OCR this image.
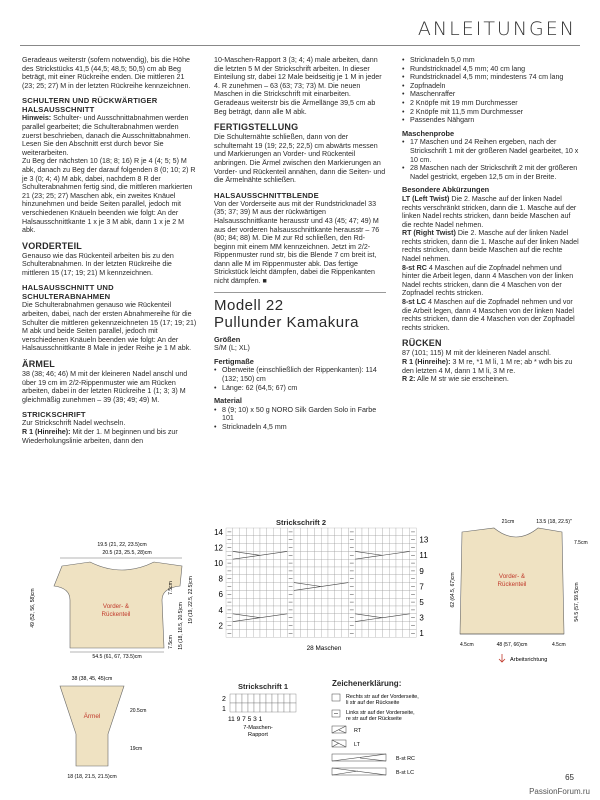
ANLEITUNGEN

Geradeaus weiterstr (sofern notwendig), bis die Höhe des Strickstücks 41,5 (44,5; 48,5; 50,5) cm ab Beg beträgt, mit einer Rückreihe enden. Die mittleren 21 (23; 25; 27) M in der letzten Rückreihe kennzeichnen.

SCHULTERN UND RÜCKWÄRTIGER HALSAUSSCHNITT

Hinweis: Schulter- und Ausschnittabnahmen werden parallel gearbeitet; die Schulterabnahmen werden zuerst beschrieben, danach die Ausschnittabnahmen. Lesen Sie den Abschnitt erst durch bevor Sie weiterarbeiten.

Zu Beg der nächsten 10 (18; 8; 16) R je 4 (4; 5; 5) M abk, danach zu Beg der darauf folgenden 8 (0; 10; 2) R je 3 (0; 4; 4) M abk, dabei, nachdem 8 R der Schulterabnahmen fertig sind, die mittleren markierten 21 (23; 25; 27) Maschen abk, ein zweites Knäuel hinzunehmen und beide Seiten parallel, jedoch mit verschiedenen Knäueln beenden wie folgt: An der Halsausschnittkante 1 x je 3 M abk, dann 1 x je 2 M abk.

VORDERTEIL

Genauso wie das Rückenteil arbeiten bis zu den Schulterabnahmen. In der letzten Rückreihe die mittleren 15 (17; 19; 21) M kennzeichnen.

HALSAUSSCHNITT UND SCHULTERABNAHMEN

Die Schulterabnahmen genauso wie Rückenteil arbeiten, dabei, nach der ersten Abnahmereihe für die Schulter die mittleren gekennzeichneten 15 (17; 19; 21) M abk und beide Seiten parallel, jedoch mit verschiedenen Knäueln beenden wie folgt: An der Halsausschnittkante 8 Male in jeder Reihe je 1 M abk.

ÄRMEL

38 (38; 46; 46) M mit der kleineren Nadel anschl und über 19 cm im 2/2-Rippenmuster wie am Rücken arbeiten, dabei in der letzten Rückreihe 1 (1; 3; 3) M gleichmäßig zunehmen – 39 (39; 49; 49) M.

STRICKSCHRIFT

Zur Strickschrift Nadel wechseln.

R 1 (Hinreihe): Mit der 1. M beginnen und bis zur Wiederholungslinie arbeiten, dann den

10-Maschen-Rapport 3 (3; 4; 4) male arbeiten, dann die letzten 5 M der Strickschrift arbeiten. In dieser Einteilung str, dabei 12 Male beidseitig je 1 M in jeder 4. R zunehmen – 63 (63; 73; 73) M. Die neuen Maschen in die Strickschrift mit einarbeiten.

Geradeaus weiterstr bis die Ärmellänge 39,5 cm ab Beg beträgt, dann alle M abk.

FERTIGSTELLUNG

Die Schulternähte schließen, dann von der schulternaht 19 (19; 22,5; 22,5) cm abwärts messen und Markierungen an Vorder- und Rückenteil anbringen. Die Ärmel zwischen den Markierungen an Vorder- und Rückenteil annähen, dann die Seiten- und die Ärmelnähte schließen.

HALSAUSSCHNITTBLENDE

Von der Vorderseite aus mit der Rundstricknadel 33 (35; 37; 39) M aus der rückwärtigen Halsausschnittkante herausstr und 43 (45; 47; 49) M aus der vorderen halsausschnittkante herausstr – 76 (80; 84; 88) M. Die M zur Rd schließen, den Rd-beginn mit einem MM kennzeichnen. Jetzt im 2/2-Rippenmuster rund str, bis die Blende 7 cm breit ist, dann alle M im Rippenmuster abk. Das fertige Strickstück leicht dämpfen, dabei die Rippenkanten nicht dämpfen. ■

Modell 22
Pullunder Kamakura
Größen

S/M (L; XL)

Fertigmaße
• Oberweite (einschließlich der Rippenkanten): 114 (132; 150) cm
• Länge: 62 (64,5; 67) cm
Material
• 8 (9; 10) x 50 g NORO Silk Garden Solo in Farbe 101
• Stricknadeln 4,5 mm
• Stricknadeln 5,0 mm
• Rundstricknadel 4,5 mm; 40 cm lang
• Rundstricknadel 4,5 mm; mindestens 74 cm lang
• Zopfnadeln
• Maschenraffer
• 2 Knöpfe mit 19 mm Durchmesser
• 2 Knöpfe mit 11,5 mm Durchmesser
• Passendes Nähgarn
Maschenprobe
• 17 Maschen und 24 Reihen ergeben, nach der Strickschrift 1 mit der größeren Nadel gearbeitet, 10 x 10 cm.
• 28 Maschen nach der Strickschrift 2 mit der größeren Nadel gestrickt, ergeben 12,5 cm in der Breite.
Besondere Abkürzungen

LT (Left Twist) Die 2. Masche auf der linken Nadel rechts verschränkt stricken, dann die 1. Masche auf der linken Nadel rechts stricken, dann beide Maschen auf die rechte Nadel nehmen.

RT (Right Twist) Die 2. Masche auf der linken Nadel rechts stricken, dann die 1. Masche auf der linken Nadel rechts stricken, dann beide Maschen auf die rechte Nadel nehmen.

8-st RC 4 Maschen auf die Zopfnadel nehmen und hinter die Arbeit legen, dann 4 Maschen von der linken Nadel rechts stricken, dann die 4 Maschen von der Zopfnadel rechts stricken.

8-st LC 4 Maschen auf die Zopfnadel nehmen und vor die Arbeit legen, dann 4 Maschen von der linken Nadel rechts stricken, dann die 4 Maschen von der Zopfnadel rechts stricken.

RÜCKEN

87 (101; 115) M mit der kleineren Nadel anschl.

R 1 (Hinreihe): 3 M re, *1 M li, 1 M re; ab * wdh bis zu den letzten 4 M, dann 1 M li, 3 M re.

R 2: Alle M str wie sie erscheinen.

19.5 (21, 22, 23.5)cm
20.5 (23, 25.5, 28)cm
Vorder- &
Rückenteil
49 (52, 56, 58)cm
7.5cm	19 (19, 22.5, 22.5)cm
15 (18, 18.5, 20.5)cm
7.5cm
54.5 (61, 67, 73.5)cm
38 (38, 45, 45)cm
Ärmel
20.5cm
19cm
18 (18, 21.5, 21.5)cm
Strickschrift 2
14
12
10
8
6
4
2
13
11
9
7
5
3
1
28 Maschen
Strickschrift 1
2
1
11 9 7 5 3 1
7-Maschen-
Rapport
Zeichenerklärung:
Rechts str auf der Vorderseite,
li str auf der Rückseite
Links str auf der Vorderseite,
re str auf der Rückseite
RT
LT
B-st RC
B-st LC
21cm	13.5 (18, 22.5)"
Vorder- &
Rückenteil
7.5cm
54.5 (57, 59.5)cm
62 (64.5, 67)cm
4.5cm	48 (57, 66)cm	4.5cm
Arbeitsrichtung
65
PassionForum.ru
